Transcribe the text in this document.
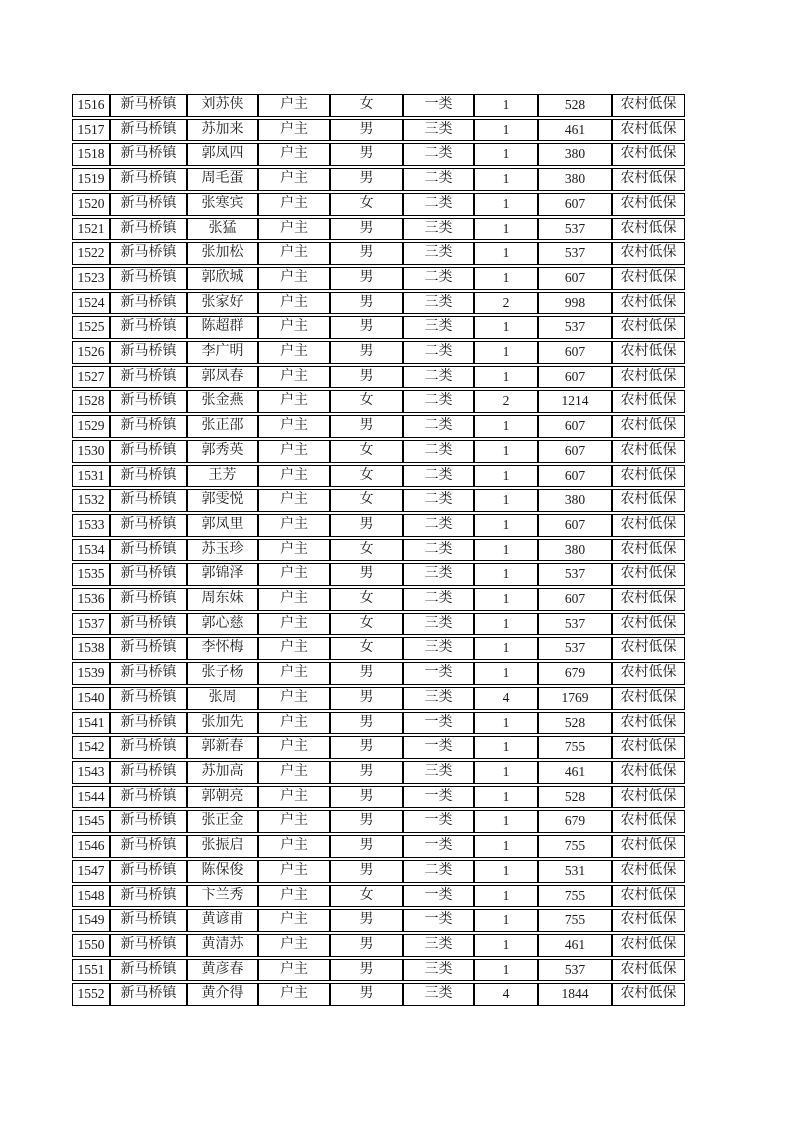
1516	新马桥镇	刘苏侠	户主	女	一类	1	528	农村低保
1517	新马桥镇	苏加来	户主	男	三类	1	461	农村低保
1518	新马桥镇	郭凤四	户主	男	二类	1	380	农村低保
1519	新马桥镇	周毛蛋	户主	男	二类	1	380	农村低保
1520	新马桥镇	张寒宾	户主	女	二类	1	607	农村低保
1521	新马桥镇	张猛	户主	男	三类	1	537	农村低保
1522	新马桥镇	张加松	户主	男	三类	1	537	农村低保
1523	新马桥镇	郭欣城	户主	男	二类	1	607	农村低保
1524	新马桥镇	张家好	户主	男	三类	2	998	农村低保
1525	新马桥镇	陈超群	户主	男	三类	1	537	农村低保
1526	新马桥镇	李广明	户主	男	二类	1	607	农村低保
1527	新马桥镇	郭凤春	户主	男	二类	1	607	农村低保
1528	新马桥镇	张金燕	户主	女	二类	2	1214	农村低保
1529	新马桥镇	张正邵	户主	男	二类	1	607	农村低保
1530	新马桥镇	郭秀英	户主	女	二类	1	607	农村低保
1531	新马桥镇	王芳	户主	女	二类	1	607	农村低保
1532	新马桥镇	郭雯悦	户主	女	二类	1	380	农村低保
1533	新马桥镇	郭凤里	户主	男	二类	1	607	农村低保
1534	新马桥镇	苏玉珍	户主	女	二类	1	380	农村低保
1535	新马桥镇	郭锦泽	户主	男	三类	1	537	农村低保
1536	新马桥镇	周东妹	户主	女	二类	1	607	农村低保
1537	新马桥镇	郭心慈	户主	女	三类	1	537	农村低保
1538	新马桥镇	李怀梅	户主	女	三类	1	537	农村低保
1539	新马桥镇	张子杨	户主	男	一类	1	679	农村低保
1540	新马桥镇	张周	户主	男	三类	4	1769	农村低保
1541	新马桥镇	张加先	户主	男	一类	1	528	农村低保
1542	新马桥镇	郭新春	户主	男	一类	1	755	农村低保
1543	新马桥镇	苏加高	户主	男	三类	1	461	农村低保
1544	新马桥镇	郭朝亮	户主	男	一类	1	528	农村低保
1545	新马桥镇	张正金	户主	男	一类	1	679	农村低保
1546	新马桥镇	张振启	户主	男	一类	1	755	农村低保
1547	新马桥镇	陈保俊	户主	男	二类	1	531	农村低保
1548	新马桥镇	卞兰秀	户主	女	一类	1	755	农村低保
1549	新马桥镇	黄谚甫	户主	男	一类	1	755	农村低保
1550	新马桥镇	黄清苏	户主	男	三类	1	461	农村低保
1551	新马桥镇	黄彦春	户主	男	三类	1	537	农村低保
1552	新马桥镇	黄介得	户主	男	三类	4	1844	农村低保
